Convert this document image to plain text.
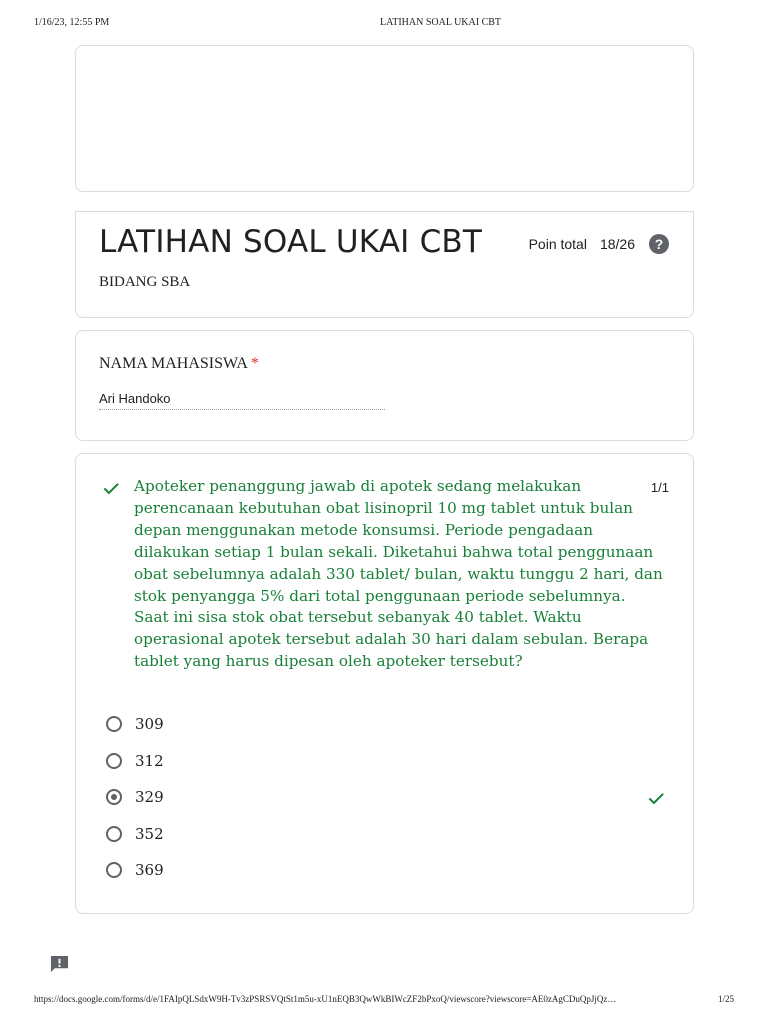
1/16/23, 12:55 PM	LATIHAN SOAL UKAI CBT
LATIHAN SOAL UKAI CBT
BIDANG SBA
Poin total 18/26	?
NAMA MAHASISWA *
Ari Handoko
Apoteker penanggung jawab di apotek sedang melakukan perencanaan kebutuhan obat lisinopril 10 mg tablet untuk bulan depan menggunakan metode konsumsi. Periode pengadaan dilakukan setiap 1 bulan sekali. Diketahui bahwa total penggunaan obat sebelumnya adalah 330 tablet/ bulan, waktu tunggu 2 hari, dan stok penyangga 5% dari total penggunaan periode sebelumnya. Saat ini sisa stok obat tersebut sebanyak 40 tablet. Waktu operasional apotek tersebut adalah 30 hari dalam sebulan. Berapa tablet yang harus dipesan oleh apoteker tersebut?
1/1
309
312
329
352
369
https://docs.google.com/forms/d/e/1FAIpQLSdxW9H-Tv3zPSRSVQtSt1m5u-xU1nEQB3QwWkBIWcZF2bPxoQ/viewscore?viewscore=AE0zAgCDuQpJjQz…	1/25
